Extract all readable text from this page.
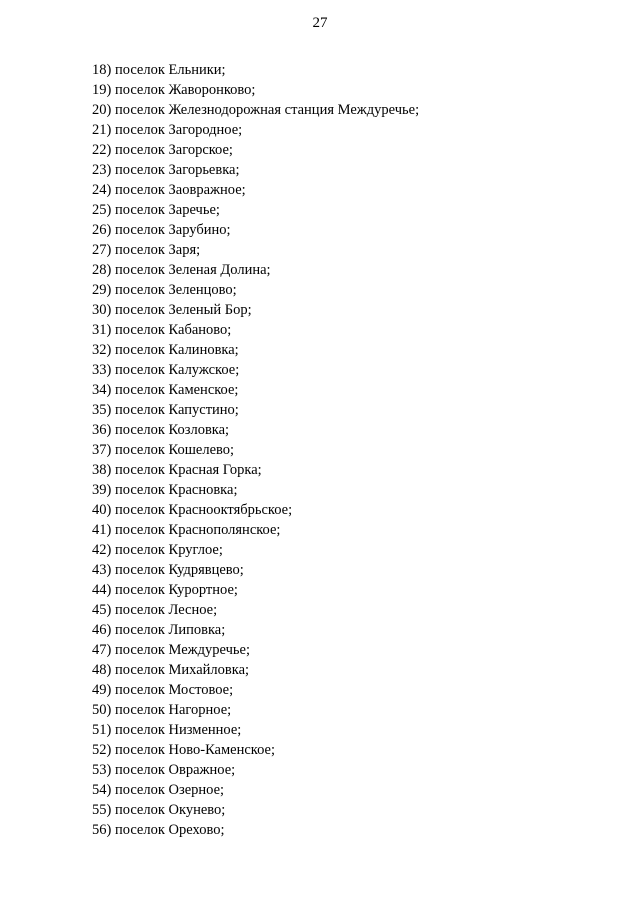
27
18) поселок Ельники;
19) поселок Жаворонково;
20) поселок Железнодорожная станция Междуречье;
21) поселок Загородное;
22) поселок Загорское;
23) поселок Загорьевка;
24) поселок Заовражное;
25) поселок Заречье;
26) поселок Зарубино;
27) поселок Заря;
28) поселок Зеленая Долина;
29) поселок Зеленцово;
30) поселок Зеленый Бор;
31) поселок Кабаново;
32) поселок Калиновка;
33) поселок Калужское;
34) поселок Каменское;
35) поселок Капустино;
36) поселок Козловка;
37) поселок Кошелево;
38) поселок Красная Горка;
39) поселок Красновка;
40) поселок Краснооктябрьское;
41) поселок Краснополянское;
42) поселок Круглое;
43) поселок Кудрявцево;
44) поселок Курортное;
45) поселок Лесное;
46) поселок Липовка;
47) поселок Междуречье;
48) поселок Михайловка;
49) поселок Мостовое;
50) поселок Нагорное;
51) поселок Низменное;
52) поселок Ново-Каменское;
53) поселок Овражное;
54) поселок Озерное;
55) поселок Окунево;
56) поселок Орехово;
